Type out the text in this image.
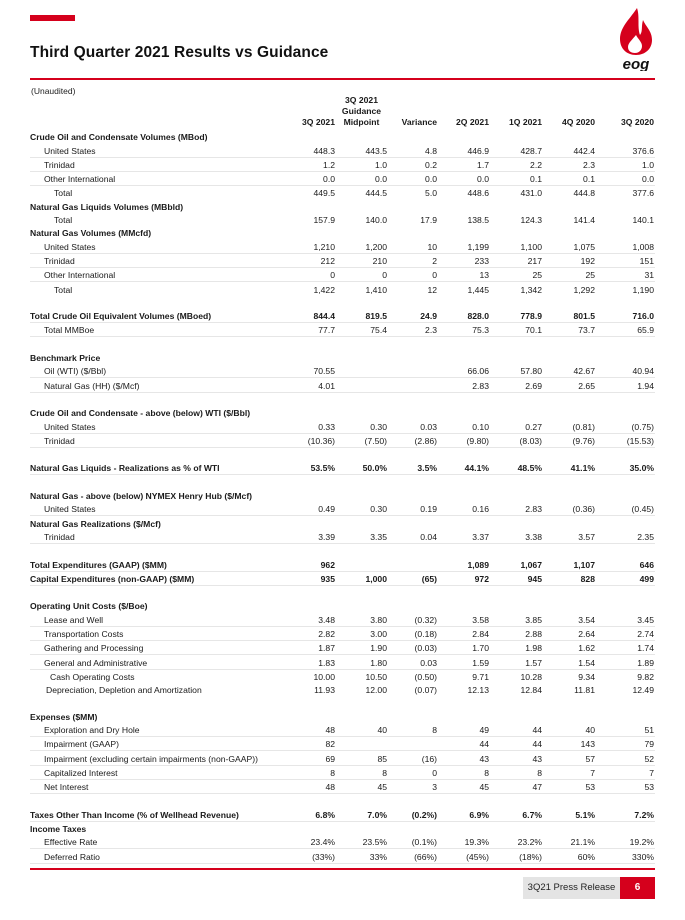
Third Quarter 2021 Results vs Guidance
eog
(Unaudited)
	3Q 2021	3Q 2021
Guidance
Midpoint	Variance	2Q 2021	1Q 2021	4Q 2020	3Q 2020
Crude Oil and Condensate Volumes (MBod)							
United States	448.3	443.5	4.8	446.9	428.7	442.4	376.6
Trinidad	1.2	1.0	0.2	1.7	2.2	2.3	1.0
Other International	0.0	0.0	0.0	0.0	0.1	0.1	0.0
Total	449.5	444.5	5.0	448.6	431.0	444.8	377.6
Natural Gas Liquids Volumes (MBbld)							
Total	157.9	140.0	17.9	138.5	124.3	141.4	140.1
Natural Gas Volumes (MMcfd)							
United States	1,210	1,200	10	1,199	1,100	1,075	1,008
Trinidad	212	210	2	233	217	192	151
Other International	0	0	0	13	25	25	31
Total	1,422	1,410	12	1,445	1,342	1,292	1,190

Total Crude Oil Equivalent Volumes (MBoed)	844.4	819.5	24.9	828.0	778.9	801.5	716.0
Total MMBoe	77.7	75.4	2.3	75.3	70.1	73.7	65.9

Benchmark Price							
Oil (WTI) ($/Bbl)	70.55			66.06	57.80	42.67	40.94
Natural Gas (HH) ($/Mcf)	4.01			2.83	2.69	2.65	1.94

Crude Oil and Condensate - above (below) WTI ($/Bbl)							
United States	0.33	0.30	0.03	0.10	0.27	(0.81)	(0.75)
Trinidad	(10.36)	(7.50)	(2.86)	(9.80)	(8.03)	(9.76)	(15.53)

Natural Gas Liquids - Realizations as % of WTI	53.5%	50.0%	3.5%	44.1%	48.5%	41.1%	35.0%

Natural Gas - above (below) NYMEX Henry Hub ($/Mcf)							
United States	0.49	0.30	0.19	0.16	2.83	(0.36)	(0.45)
Natural Gas Realizations ($/Mcf)							
Trinidad	3.39	3.35	0.04	3.37	3.38	3.57	2.35

Total Expenditures (GAAP) ($MM)	962			1,089	1,067	1,107	646
Capital Expenditures (non-GAAP) ($MM)	935	1,000	(65)	972	945	828	499

Operating Unit Costs ($/Boe)							
Lease and Well	3.48	3.80	(0.32)	3.58	3.85	3.54	3.45
Transportation Costs	2.82	3.00	(0.18)	2.84	2.88	2.64	2.74
Gathering and Processing	1.87	1.90	(0.03)	1.70	1.98	1.62	1.74
General and Administrative	1.83	1.80	0.03	1.59	1.57	1.54	1.89
Cash Operating Costs	10.00	10.50	(0.50)	9.71	10.28	9.34	9.82
Depreciation, Depletion and Amortization	11.93	12.00	(0.07)	12.13	12.84	11.81	12.49

Expenses ($MM)							
Exploration and Dry Hole	48	40	8	49	44	40	51
Impairment (GAAP)	82			44	44	143	79
Impairment (excluding certain impairments (non-GAAP))	69	85	(16)	43	43	57	52
Capitalized Interest	8	8	0	8	8	7	7
Net Interest	48	45	3	45	47	53	53

Taxes Other Than Income (% of Wellhead Revenue)	6.8%	7.0%	(0.2%)	6.9%	6.7%	5.1%	7.2%
Income Taxes							
Effective Rate	23.4%	23.5%	(0.1%)	19.3%	23.2%	21.1%	19.2%
Deferred Ratio	(33%)	33%	(66%)	(45%)	(18%)	60%	330%
3Q21 Press Release	6
